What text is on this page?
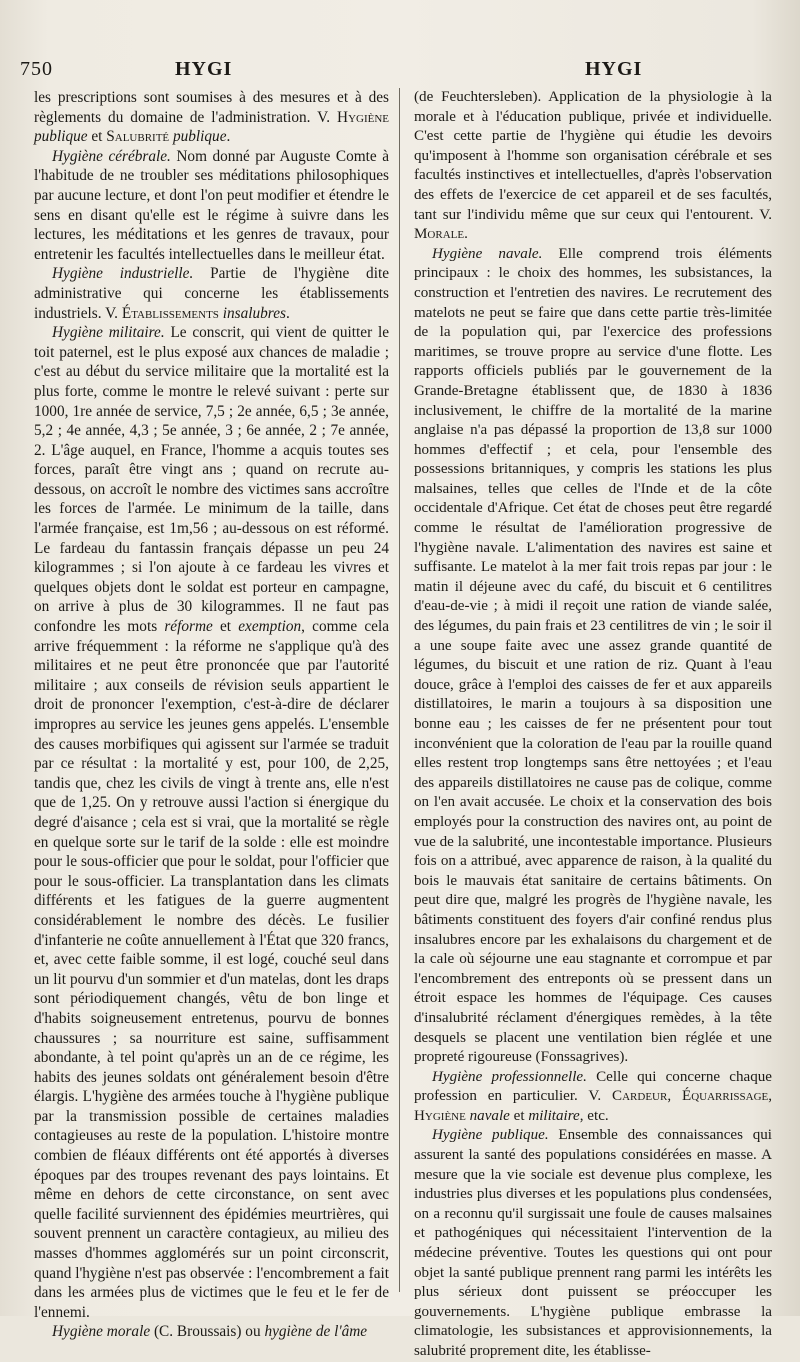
750	HYGI	HYGI

les prescriptions sont soumises à des mesures et à des règlements du domaine de l'administration. V. Hygiène publique et Salubrité publique.

Hygiène cérébrale. Nom donné par Auguste Comte à l'habitude de ne troubler ses méditations philosophiques par aucune lecture, et dont l'on peut modifier et étendre le sens en disant qu'elle est le régime à suivre dans les lectures, les méditations et les genres de travaux, pour entretenir les facultés intellectuelles dans le meilleur état.

Hygiène industrielle. Partie de l'hygiène dite administrative qui concerne les établissements industriels. V. Établissements insalubres.

Hygiène militaire. Le conscrit, qui vient de quitter le toit paternel, est le plus exposé aux chances de maladie ; c'est au début du service militaire que la mortalité est la plus forte, comme le montre le relevé suivant : perte sur 1000, 1re année de service, 7,5 ; 2e année, 6,5 ; 3e année, 5,2 ; 4e année, 4,3 ; 5e année, 3 ; 6e année, 2 ; 7e année, 2. L'âge auquel, en France, l'homme a acquis toutes ses forces, paraît être vingt ans ; quand on recrute au-dessous, on accroît le nombre des victimes sans accroître les forces de l'armée. Le minimum de la taille, dans l'armée française, est 1m,56 ; au-dessous on est réformé. Le fardeau du fantassin français dépasse un peu 24 kilogrammes ; si l'on ajoute à ce fardeau les vivres et quelques objets dont le soldat est porteur en campagne, on arrive à plus de 30 kilogrammes. Il ne faut pas confondre les mots réforme et exemption, comme cela arrive fréquemment : la réforme ne s'applique qu'à des militaires et ne peut être prononcée que par l'autorité militaire ; aux conseils de révision seuls appartient le droit de prononcer l'exemption, c'est-à-dire de déclarer impropres au service les jeunes gens appelés. L'ensemble des causes morbifiques qui agissent sur l'armée se traduit par ce résultat : la mortalité y est, pour 100, de 2,25, tandis que, chez les civils de vingt à trente ans, elle n'est que de 1,25. On y retrouve aussi l'action si énergique du degré d'aisance ; cela est si vrai, que la mortalité se règle en quelque sorte sur le tarif de la solde : elle est moindre pour le sous-officier que pour le soldat, pour l'officier que pour le sous-officier. La transplantation dans les climats différents et les fatigues de la guerre augmentent considérablement le nombre des décès. Le fusilier d'infanterie ne coûte annuellement à l'État que 320 francs, et, avec cette faible somme, il est logé, couché seul dans un lit pourvu d'un sommier et d'un matelas, dont les draps sont périodiquement changés, vêtu de bon linge et d'habits soigneusement entretenus, pourvu de bonnes chaussures ; sa nourriture est saine, suffisamment abondante, à tel point qu'après un an de ce régime, les habits des jeunes soldats ont généralement besoin d'être élargis. L'hygiène des armées touche à l'hygiène publique par la transmission possible de certaines maladies contagieuses au reste de la population. L'histoire montre combien de fléaux différents ont été apportés à diverses époques par des troupes revenant des pays lointains. Et même en dehors de cette circonstance, on sent avec quelle facilité surviennent des épidémies meurtrières, qui souvent prennent un caractère contagieux, au milieu des masses d'hommes agglomérés sur un point circonscrit, quand l'hygiène n'est pas observée : l'encombrement a fait dans les armées plus de victimes que le feu et le fer de l'ennemi.

Hygiène morale (C. Broussais) ou hygiène de l'âme

(de Feuchtersleben). Application de la physiologie à la morale et à l'éducation publique, privée et individuelle. C'est cette partie de l'hygiène qui étudie les devoirs qu'imposent à l'homme son organisation cérébrale et ses facultés instinctives et intellectuelles, d'après l'observation des effets de l'exercice de cet appareil et de ses facultés, tant sur l'individu même que sur ceux qui l'entourent. V. Morale.

Hygiène navale. Elle comprend trois éléments principaux : le choix des hommes, les subsistances, la construction et l'entretien des navires. Le recrutement des matelots ne peut se faire que dans cette partie très-limitée de la population qui, par l'exercice des professions maritimes, se trouve propre au service d'une flotte. Les rapports officiels publiés par le gouvernement de la Grande-Bretagne établissent que, de 1830 à 1836 inclusivement, le chiffre de la mortalité de la marine anglaise n'a pas dépassé la proportion de 13,8 sur 1000 hommes d'effectif ; et cela, pour l'ensemble des possessions britanniques, y compris les stations les plus malsaines, telles que celles de l'Inde et de la côte occidentale d'Afrique. Cet état de choses peut être regardé comme le résultat de l'amélioration progressive de l'hygiène navale. L'alimentation des navires est saine et suffisante. Le matelot à la mer fait trois repas par jour : le matin il déjeune avec du café, du biscuit et 6 centilitres d'eau-de-vie ; à midi il reçoit une ration de viande salée, des légumes, du pain frais et 23 centilitres de vin ; le soir il a une soupe faite avec une assez grande quantité de légumes, du biscuit et une ration de riz. Quant à l'eau douce, grâce à l'emploi des caisses de fer et aux appareils distillatoires, le marin a toujours à sa disposition une bonne eau ; les caisses de fer ne présentent pour tout inconvénient que la coloration de l'eau par la rouille quand elles restent trop longtemps sans être nettoyées ; et l'eau des appareils distillatoires ne cause pas de colique, comme on l'en avait accusée. Le choix et la conservation des bois employés pour la construction des navires ont, au point de vue de la salubrité, une incontestable importance. Plusieurs fois on a attribué, avec apparence de raison, à la qualité du bois le mauvais état sanitaire de certains bâtiments. On peut dire que, malgré les progrès de l'hygiène navale, les bâtiments constituent des foyers d'air confiné rendus plus insalubres encore par les exhalaisons du chargement et de la cale où séjourne une eau stagnante et corrompue et par l'encombrement des entreponts où se pressent dans un étroit espace les hommes de l'équipage. Ces causes d'insalubrité réclament d'énergiques remèdes, à la tête desquels se placent une ventilation bien réglée et une propreté rigoureuse (Fonssagrives).

Hygiène professionnelle. Celle qui concerne chaque profession en particulier. V. Cardeur, Équarrissage, Hygiène navale et militaire, etc.

Hygiène publique. Ensemble des connaissances qui assurent la santé des populations considérées en masse. A mesure que la vie sociale est devenue plus complexe, les industries plus diverses et les populations plus condensées, on a reconnu qu'il surgissait une foule de causes malsaines et pathogéniques qui nécessitaient l'intervention de la médecine préventive. Toutes les questions qui ont pour objet la santé publique prennent rang parmi les intérêts les plus sérieux dont puissent se préoccuper les gouvernements. L'hygiène publique embrasse la climatologie, les subsistances et approvisionnements, la salubrité proprement dite, les établisse-
